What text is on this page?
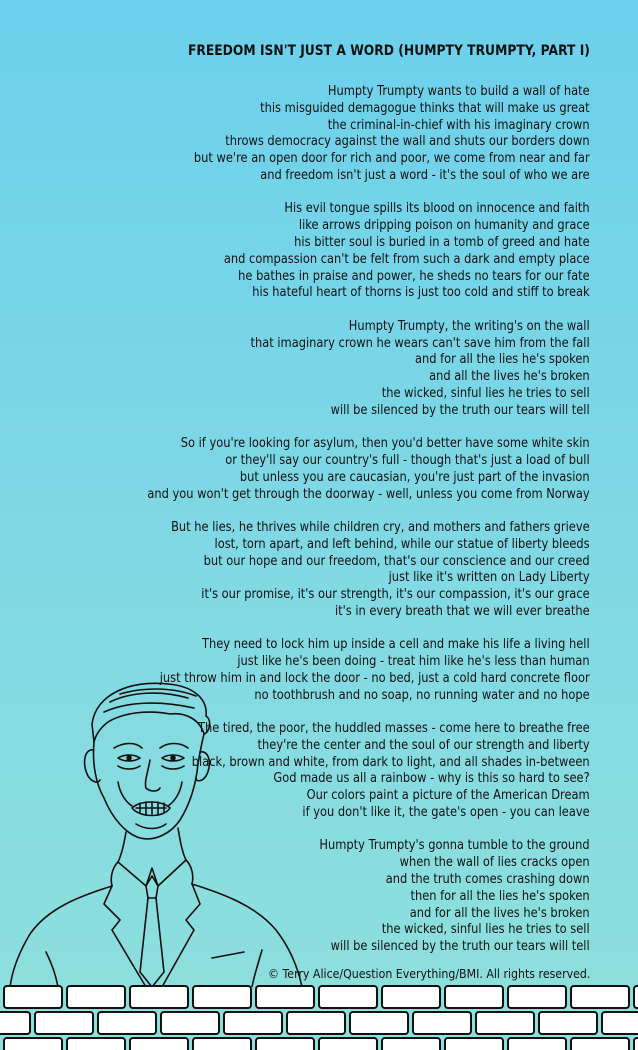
FREEDOM ISN'T JUST A WORD (HUMPTY TRUMPTY, PART I)
Humpty Trumpty wants to build a wall of hate
this misguided demagogue thinks that will make us great
the criminal-in-chief with his imaginary crown
throws democracy against the wall and shuts our borders down
but we're an open door for rich and poor, we come from near and far
and freedom isn't just a word - it's the soul of who we are
His evil tongue spills its blood on innocence and faith
like arrows dripping poison on humanity and grace
his bitter soul is buried in a tomb of greed and hate
and compassion can't be felt from such a dark and empty place
he bathes in praise and power, he sheds no tears for our fate
his hateful heart of thorns is just too cold and stiff to break
Humpty Trumpty, the writing's on the wall
that imaginary crown he wears can't save him from the fall
and for all the lies he's spoken
and all the lives he's broken
the wicked, sinful lies he tries to sell
will be silenced by the truth our tears will tell
So if you're looking for asylum, then you'd better have some white skin
or they'll say our country's full - though that's just a load of bull
but unless you are caucasian, you're just part of the invasion
and you won't get through the doorway - well, unless you come from Norway
But he lies, he thrives while children cry, and mothers and fathers grieve
lost, torn apart, and left behind, while our statue of liberty bleeds
but our hope and our freedom, that's our conscience and our creed
just like it's written on Lady Liberty
it's our promise, it's our strength, it's our compassion, it's our grace
it's in every breath that we will ever breathe
They need to lock him up inside a cell and make his life a living hell
just like he's been doing - treat him like he's less than human
just throw him in and lock the door - no bed, just a cold hard concrete floor
no toothbrush and no soap, no running water and no hope
The tired, the poor, the huddled masses - come here to breathe free
they're the center and the soul of our strength and liberty
black, brown and white, from dark to light, and all shades in-between
God made us all a rainbow - why is this so hard to see?
Our colors paint a picture of the American Dream
if you don't like it, the gate's open - you can leave
Humpty Trumpty's gonna tumble to the ground
when the wall of lies cracks open
and the truth comes crashing down
then for all the lies he's spoken
and for all the lives he's broken
the wicked, sinful lies he tries to sell
will be silenced by the truth our tears will tell
© Terry Alice/Question Everything/BMI. All rights reserved.
